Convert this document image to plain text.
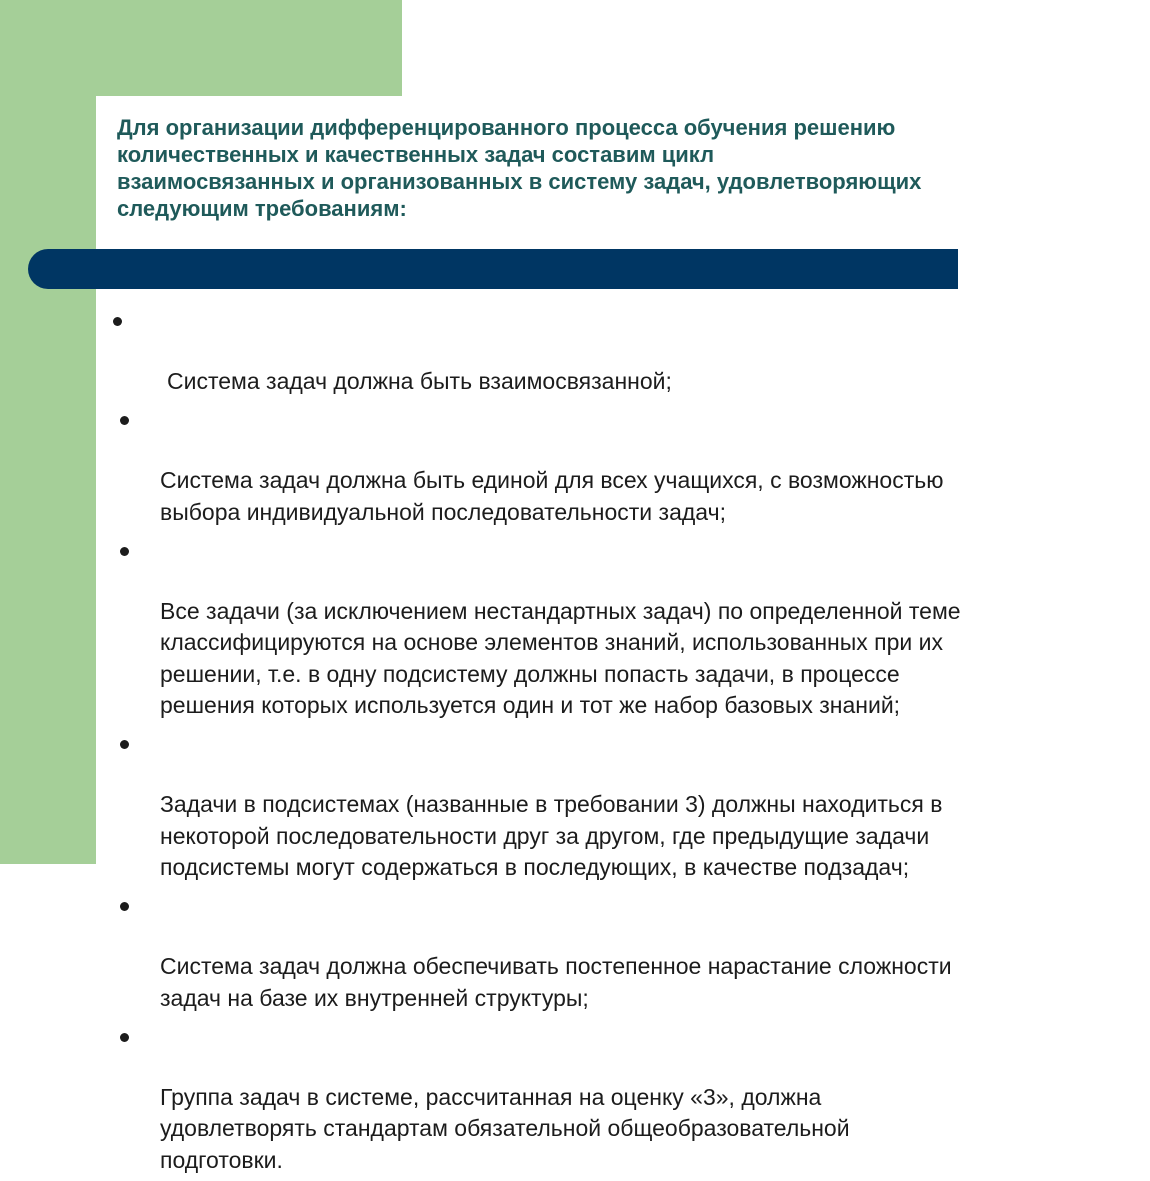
Для организации дифференцированного процесса обучения решению
количественных и качественных задач составим цикл
взаимосвязанных и организованных в систему задач, удовлетворяющих
следующим требованиям:

Система задач должна быть взаимосвязанной;

Система задач должна быть единой для всех учащихся, с возможностью
выбора индивидуальной последовательности задач;

Все задачи (за исключением нестандартных задач) по определенной теме
классифицируются на основе элементов знаний, использованных при их
решении, т.е. в одну подсистему должны попасть задачи, в процессе
решения которых используется один и тот же набор базовых знаний;

Задачи в подсистемах (названные в требовании 3) должны находиться в
некоторой последовательности друг за другом, где предыдущие задачи
подсистемы могут содержаться в последующих, в качестве подзадач;

Система задач должна обеспечивать постепенное нарастание сложности
задач на базе их внутренней структуры;

Группа задач в системе, рассчитанная на оценку «3», должна
удовлетворять стандартам обязательной общеобразовательной
подготовки.
